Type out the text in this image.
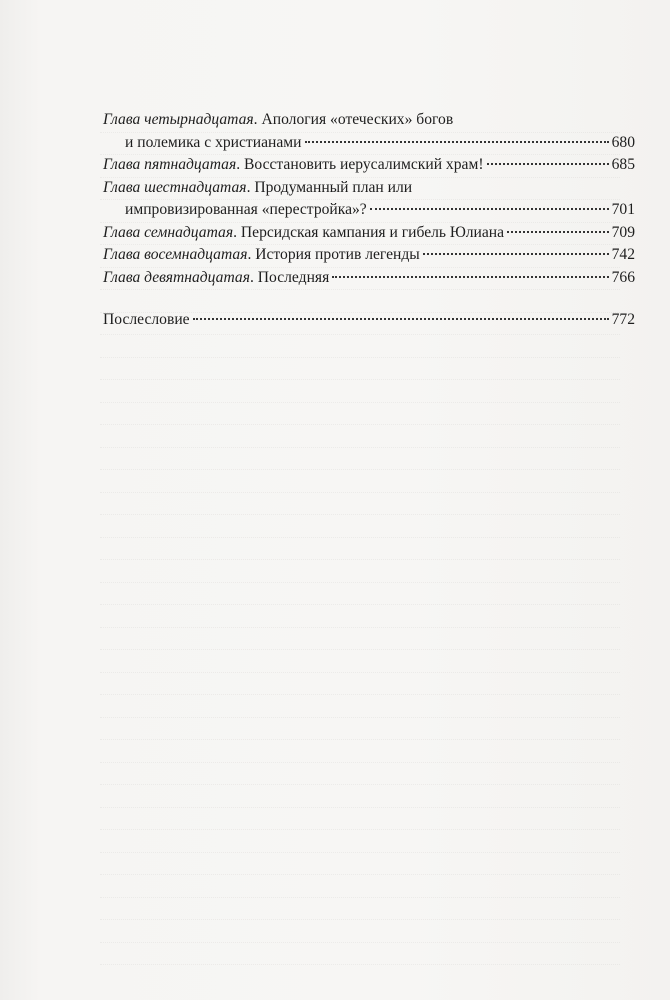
Глава четырнадцатая. Апология «отеческих» богов
и полемика с христианами	680
Глава пятнадцатая. Восстановить иерусалимский храм!	685
Глава шестнадцатая. Продуманный план или
импровизированная «перестройка»?	701
Глава семнадцатая. Персидская кампания и гибель Юлиана	709
Глава восемнадцатая. История против легенды	742
Глава девятнадцатая. Последняя	766
Послесловие	772
